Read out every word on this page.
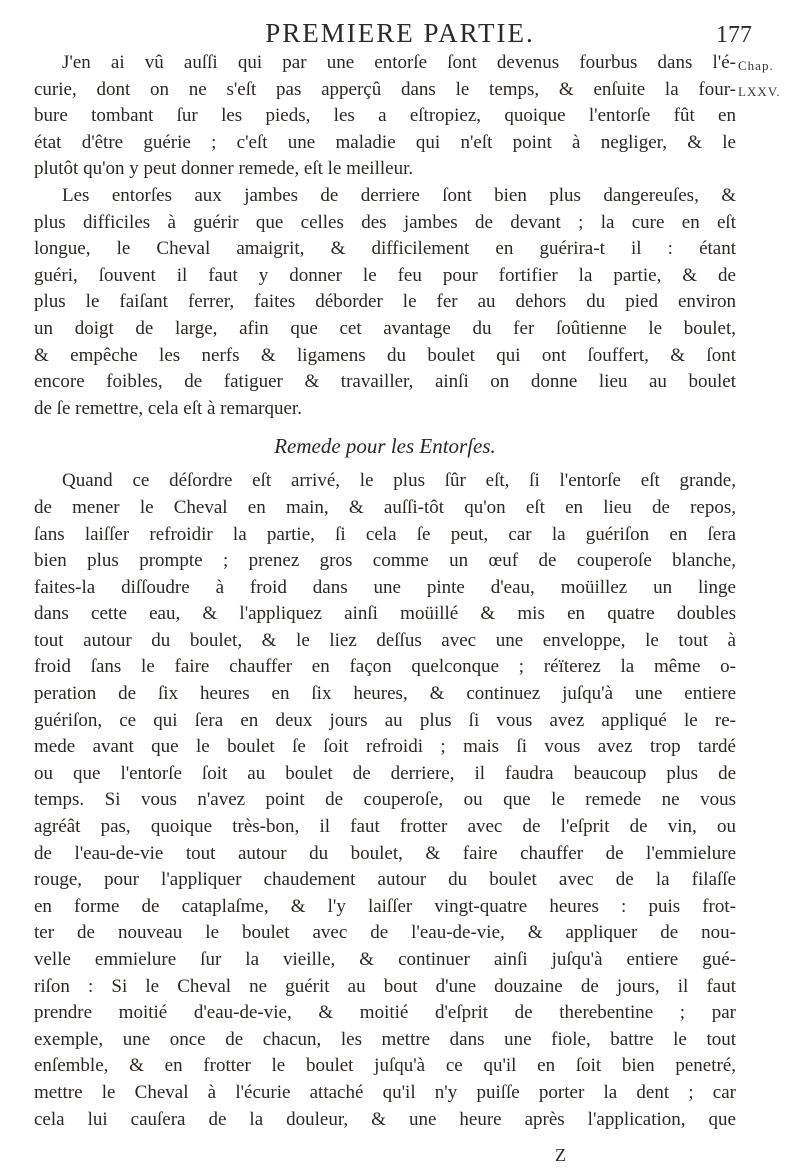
PREMIERE PARTIE.	177
Chap.
LXXV.
J'en ai vû auſſi qui par une entorſe ſont devenus fourbus dans l'é-
curie, dont on ne s'eſt pas apperçû dans le temps, & enſuite la four-
bure tombant ſur les pieds, les a eſtropiez, quoique l'entorſe fût en
état d'être guérie ; c'eſt une maladie qui n'eſt point à negliger, & le
plutôt qu'on y peut donner remede, eſt le meilleur.
Les entorſes aux jambes de derriere ſont bien plus dangereuſes, &
plus difficiles à guérir que celles des jambes de devant ; la cure en eſt
longue, le Cheval amaigrit, & difficilement en guérira-t il : étant
guéri, ſouvent il faut y donner le feu pour fortifier la partie, & de
plus le faiſant ferrer, faites déborder le fer au dehors du pied environ
un doigt de large, afin que cet avantage du fer ſoûtienne le boulet,
& empêche les nerfs & ligamens du boulet qui ont ſouffert, & ſont
encore foibles, de fatiguer & travailler, ainſi on donne lieu au boulet
de ſe remettre, cela eſt à remarquer.
Remede pour les Entorſes.
Quand ce déſordre eſt arrivé, le plus ſûr eſt, ſi l'entorſe eſt grande,
de mener le Cheval en main, & auſſi-tôt qu'on eſt en lieu de repos,
ſans laiſſer refroidir la partie, ſi cela ſe peut, car la guériſon en ſera
bien plus prompte ; prenez gros comme un œuf de couperoſe blanche,
faites-la diſſoudre à froid dans une pinte d'eau, moüillez un linge
dans cette eau, & l'appliquez ainſi moüillé & mis en quatre doubles
tout autour du boulet, & le liez deſſus avec une enveloppe, le tout à
froid ſans le faire chauffer en façon quelconque ; réïterez la même o-
peration de ſix heures en ſix heures, & continuez juſqu'à une entiere
guériſon, ce qui ſera en deux jours au plus ſi vous avez appliqué le re-
mede avant que le boulet ſe ſoit refroidi ; mais ſi vous avez trop tardé
ou que l'entorſe ſoit au boulet de derriere, il faudra beaucoup plus de
temps. Si vous n'avez point de couperoſe, ou que le remede ne vous
agréât pas, quoique très-bon, il faut frotter avec de l'eſprit de vin, ou
de l'eau-de-vie tout autour du boulet, & faire chauffer de l'emmielure
rouge, pour l'appliquer chaudement autour du boulet avec de la filaſſe
en forme de cataplaſme, & l'y laiſſer vingt-quatre heures : puis frot-
ter de nouveau le boulet avec de l'eau-de-vie, & appliquer de nou-
velle emmielure ſur la vieille, & continuer ainſi juſqu'à entiere gué-
riſon : Si le Cheval ne guérit au bout d'une douzaine de jours, il faut
prendre moitié d'eau-de-vie, & moitié d'eſprit de therebentine ; par
exemple, une once de chacun, les mettre dans une fiole, battre le tout
enſemble, & en frotter le boulet juſqu'à ce qu'il en ſoit bien penetré,
mettre le Cheval à l'écurie attaché qu'il n'y puiſſe porter la dent ; car
cela lui cauſera de la douleur, & une heure après l'application, que
Z
